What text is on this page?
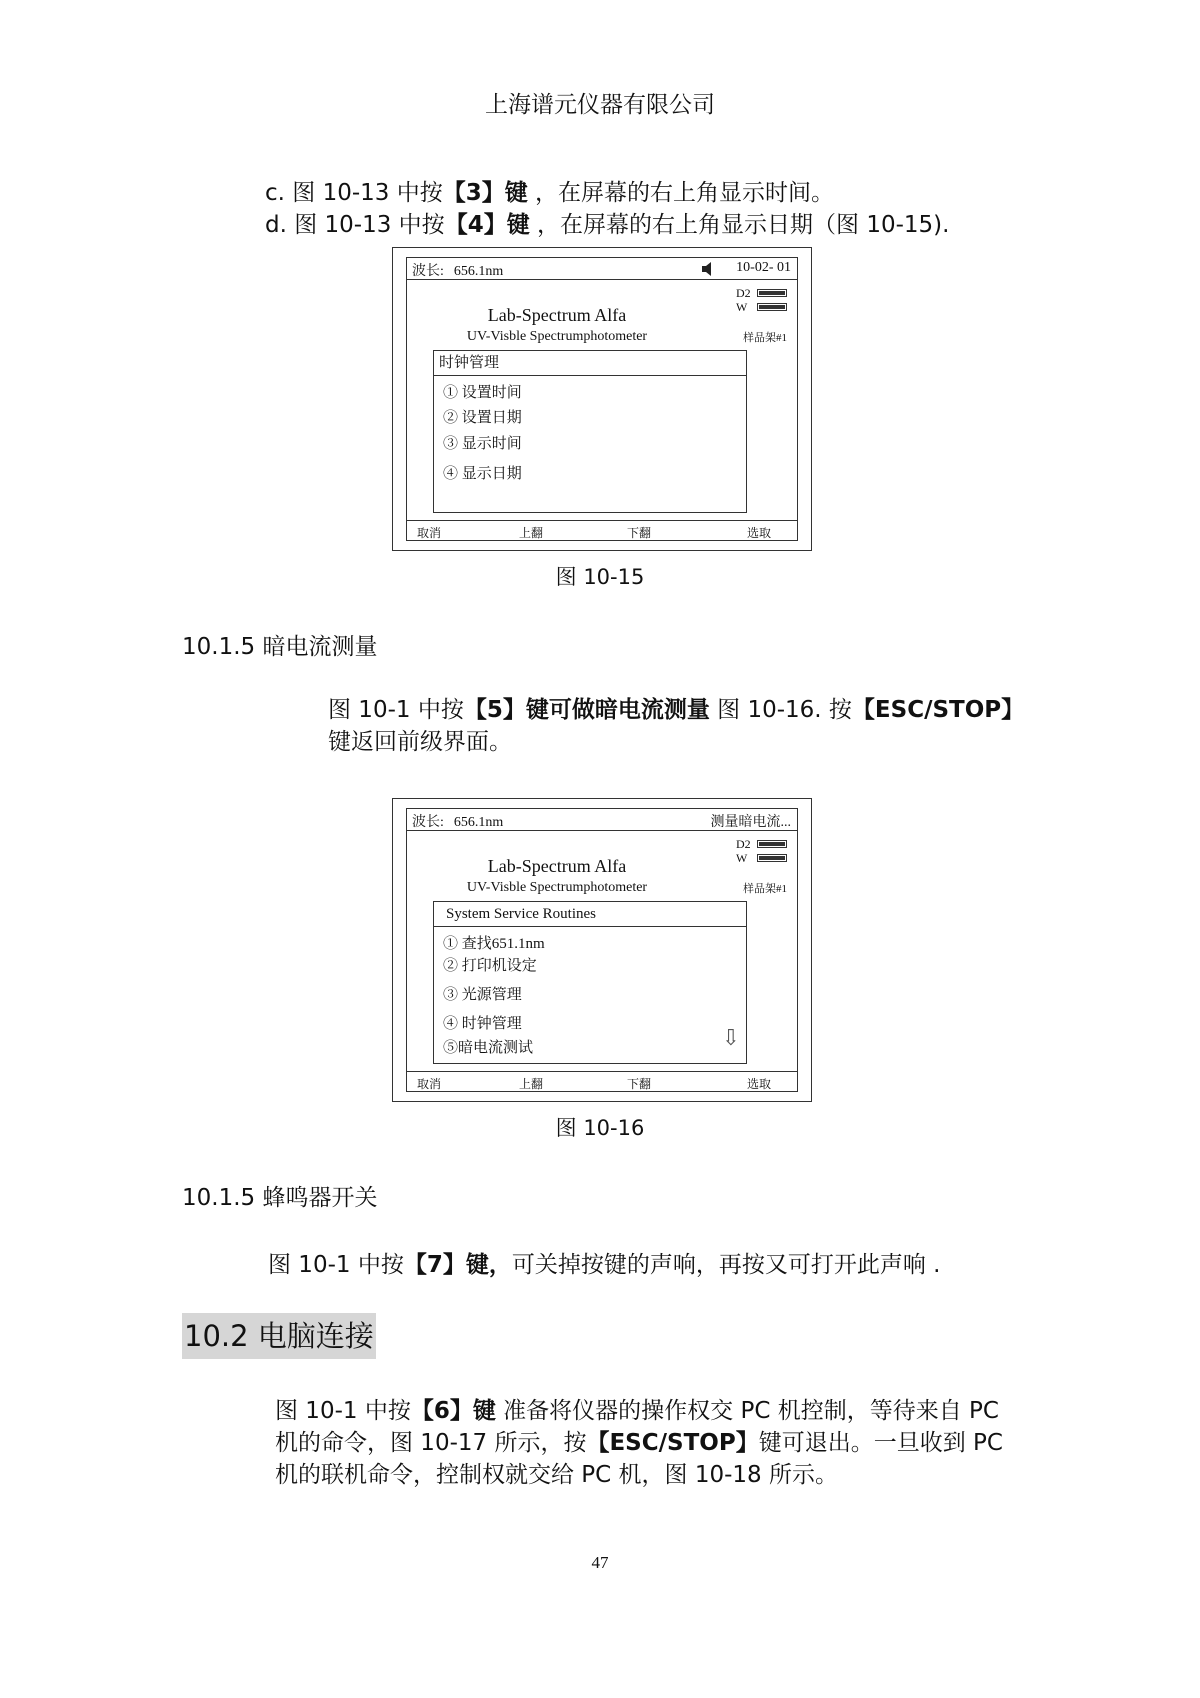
上海谱元仪器有限公司
c. 图 10-13 中按【3】键 ，在屏幕的右上角显示时间。
d. 图 10-13 中按【4】键 ，在屏幕的右上角显示日期（图 10-15).
波长: 656.1nm	10-02- 01
Lab-Spectrum Alfa
UV-Visble Spectrumphotometer
D2
W
样品架#1
时钟管理
① 设置时间
② 设置日期
③ 显示时间
④ 显示日期
取消	上翻	下翻	选取
图 10-15
10.1.5 暗电流测量

图 10-1 中按【5】键可做暗电流测量 图 10-16. 按【ESC/STOP】

键返回前级界面。

波长: 656.1nm	测量暗电流...
Lab-Spectrum Alfa
UV-Visble Spectrumphotometer
D2
W
样品架#1
System Service Routines
① 查找651.1nm
② 打印机设定
③ 光源管理
④ 时钟管理
⑤暗电流测试	⇩
取消	上翻	下翻	选取
图 10-16
10.1.5 蜂鸣器开关
图 10-1 中按【7】键，可关掉按键的声响，再按又可打开此声响 .
10.2 电脑连接

图 10-1 中按【6】键 准备将仪器的操作权交 PC 机控制，等待来自 PC

机的命令，图 10-17 所示，按【ESC/STOP】键可退出。一旦收到 PC

机的联机命令，控制权就交给 PC 机，图 10-18 所示。

47
